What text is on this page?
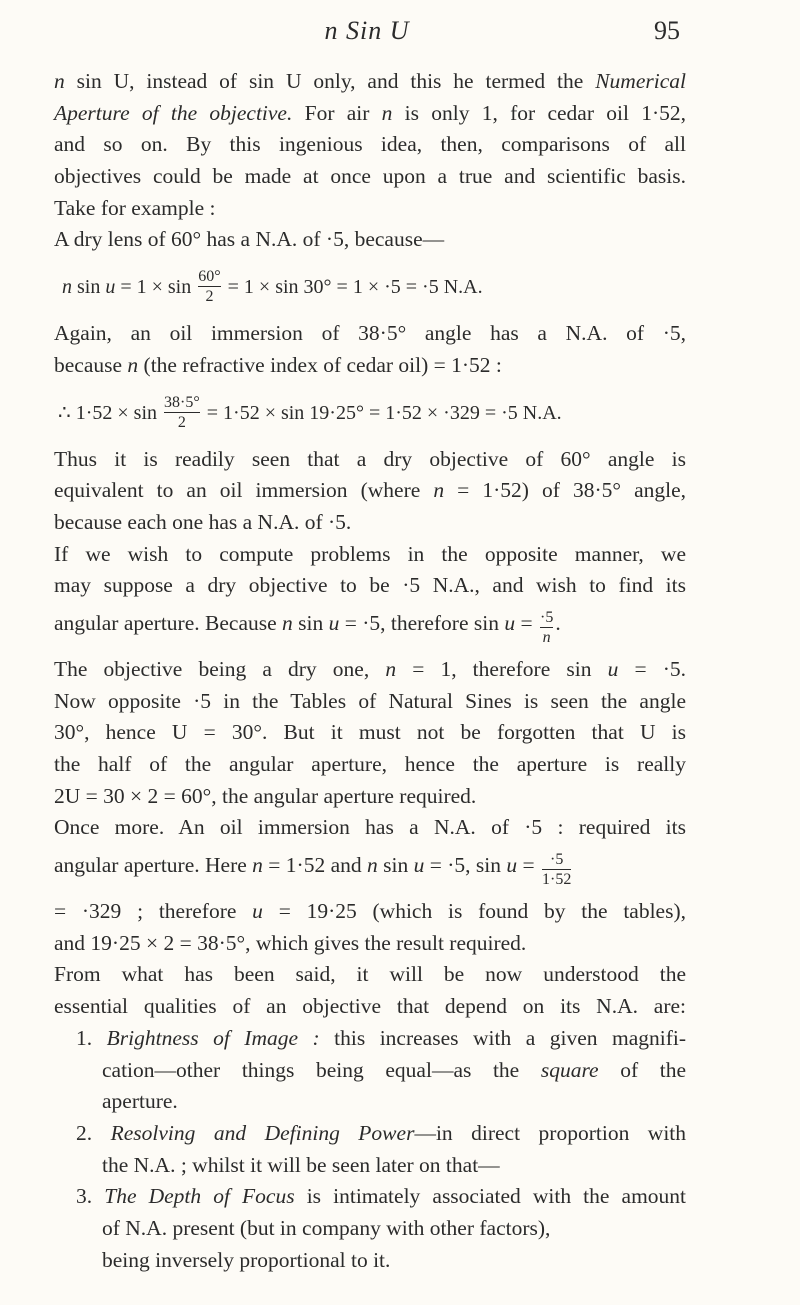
n Sin U	95
n sin U, instead of sin U only, and this he termed the Numerical
Aperture of the objective. For air n is only 1, for cedar oil 1·52,
and so on. By this ingenious idea, then, comparisons of all
objectives could be made at once upon a true and scientific basis.
Take for example :
A dry lens of 60° has a N.A. of ·5, because—
n $\sin u = 1 \times \sin \frac{60^\circ}{2} = 1 \times \sin 30^\circ = 1 \times \cdot 5 = \cdot 5$ N.A.
Again, an oil immersion of 38·5° angle has a N.A. of ·5,
because n (the refractive index of cedar oil) = 1·52 :
∴ $1\cdot 52 \times \sin \frac{38\cdot 5^\circ}{2} = 1\cdot 52 \times \sin 19\cdot 25^\circ = 1\cdot 52 \times \cdot 329 = \cdot 5$ N.A.
Thus it is readily seen that a dry objective of 60° angle is
equivalent to an oil immersion (where n = 1·52) of 38·5° angle,
because each one has a N.A. of ·5.
If we wish to compute problems in the opposite manner, we
may suppose a dry objective to be ·5 N.A., and wish to find its
angular aperture. Because n sin u = ·5, therefore $\sin u = \frac{\cdot 5}{n}$ .
The objective being a dry one, n = 1, therefore sin u = ·5.
Now opposite ·5 in the Tables of Natural Sines is seen the angle
30°, hence U = 30°. But it must not be forgotten that U is
the half of the angular aperture, hence the aperture is really
2U = 30 × 2 = 60°, the angular aperture required.
Once more. An oil immersion has a N.A. of ·5 : required its
angular aperture. Here n = 1·52 and n sin u = ·5, $\sin u = \frac{\cdot 5}{1\cdot 52}$
= ·329 ; therefore u = 19·25 (which is found by the tables),
and 19·25 × 2 = 38·5°, which gives the result required.
From what has been said, it will be now understood the
essential qualities of an objective that depend on its N.A. are:
1. Brightness of Image : this increases with a given magnifi-
cation—other things being equal—as the square of the
aperture.
2. Resolving and Defining Power—in direct proportion with
the N.A. ; whilst it will be seen later on that—
3. The Depth of Focus is intimately associated with the amount
of N.A. present (but in company with other factors),
being inversely proportional to it.
